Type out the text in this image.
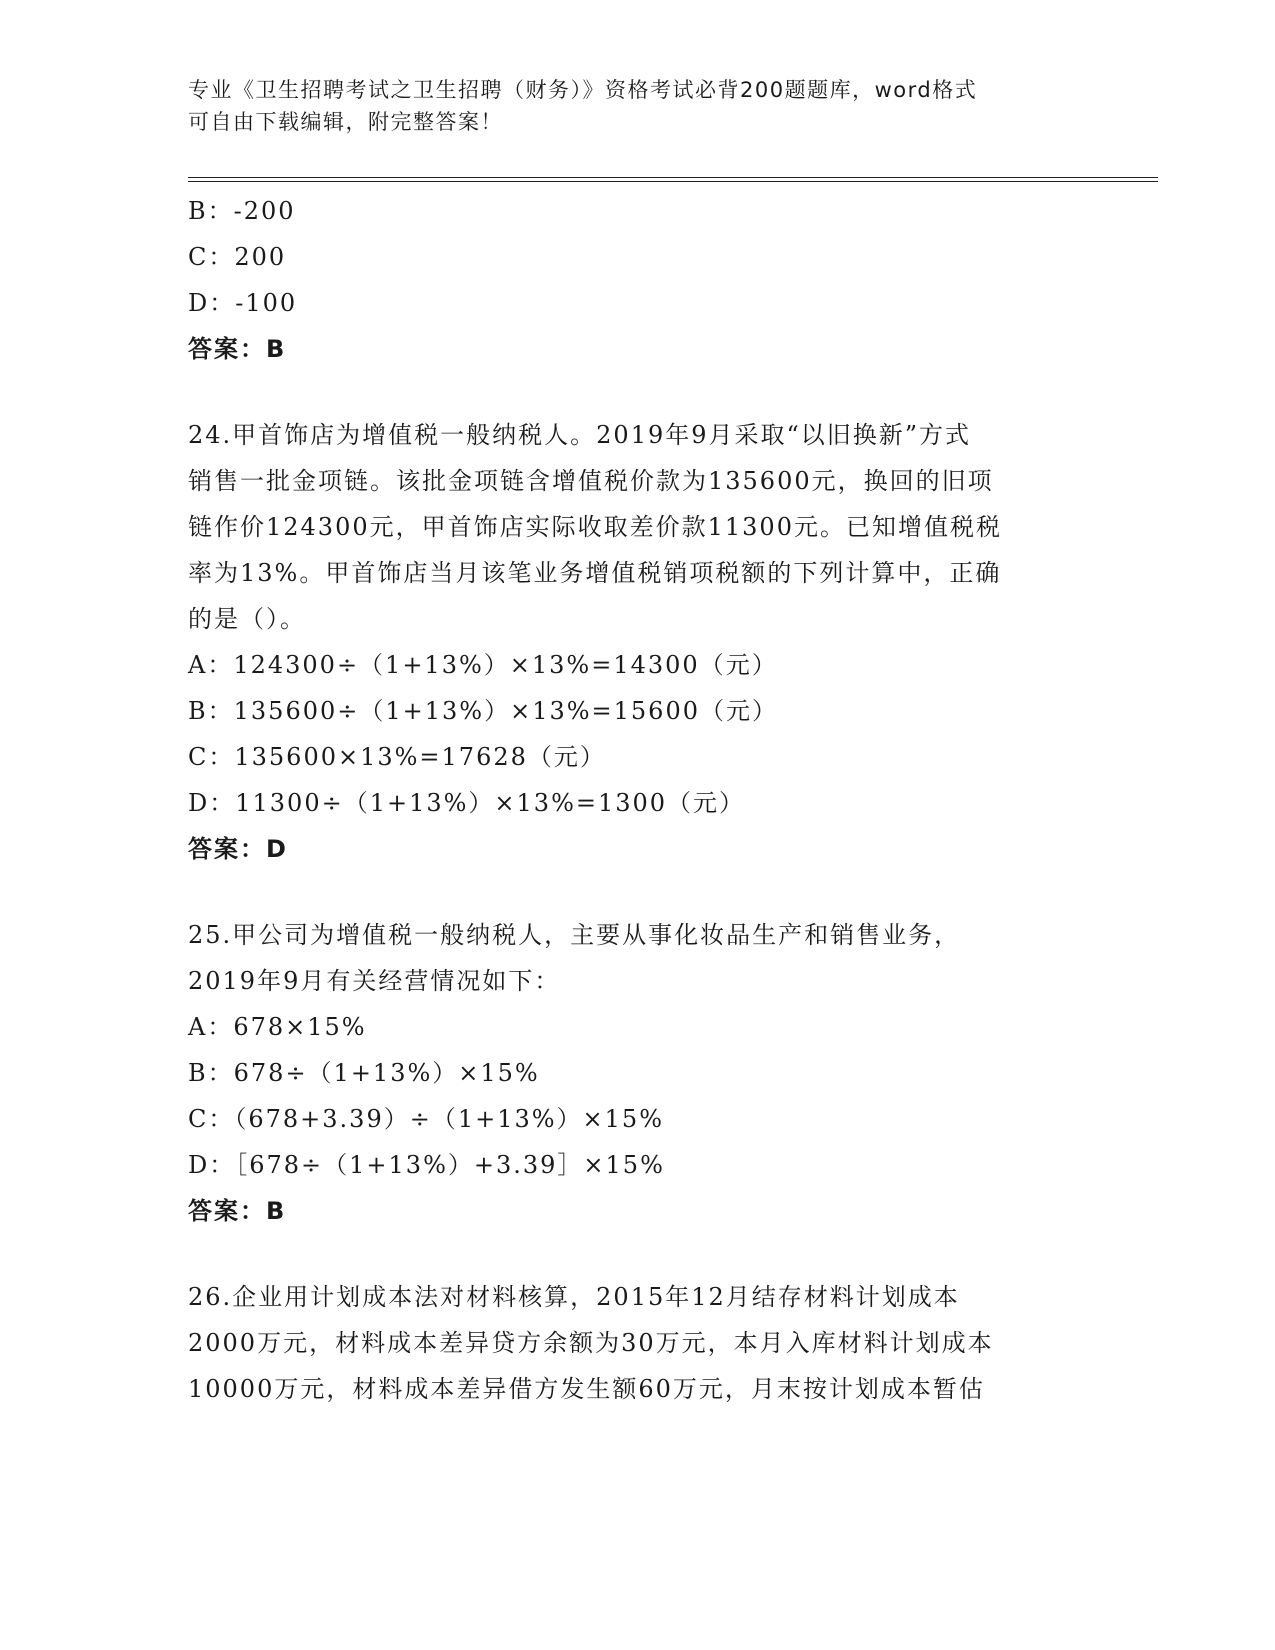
专业《卫生招聘考试之卫生招聘（财务）》资格考试必背200题题库，word格式
可自由下载编辑，附完整答案！
B：-200
C：200
D：-100
答案：B
24.甲首饰店为增值税一般纳税人。2019年9月采取“以旧换新”方式
销售一批金项链。该批金项链含增值税价款为135600元，换回的旧项
链作价124300元，甲首饰店实际收取差价款11300元。已知增值税税
率为13%。甲首饰店当月该笔业务增值税销项税额的下列计算中，正确
的是（）。
A：124300÷（1+13%）×13%=14300（元）
B：135600÷（1+13%）×13%=15600（元）
C：135600×13%=17628（元）
D：11300÷（1+13%）×13%=1300（元）
答案：D
25.甲公司为增值税一般纳税人，主要从事化妆品生产和销售业务，
2019年9月有关经营情况如下：
A：678×15%
B：678÷（1+13%）×15%
C：（678+3.39）÷（1+13%）×15%
D：［678÷（1+13%）+3.39］×15%
答案：B
26.企业用计划成本法对材料核算，2015年12月结存材料计划成本
2000万元，材料成本差异贷方余额为30万元，本月入库材料计划成本
10000万元，材料成本差异借方发生额60万元，月末按计划成本暂估
